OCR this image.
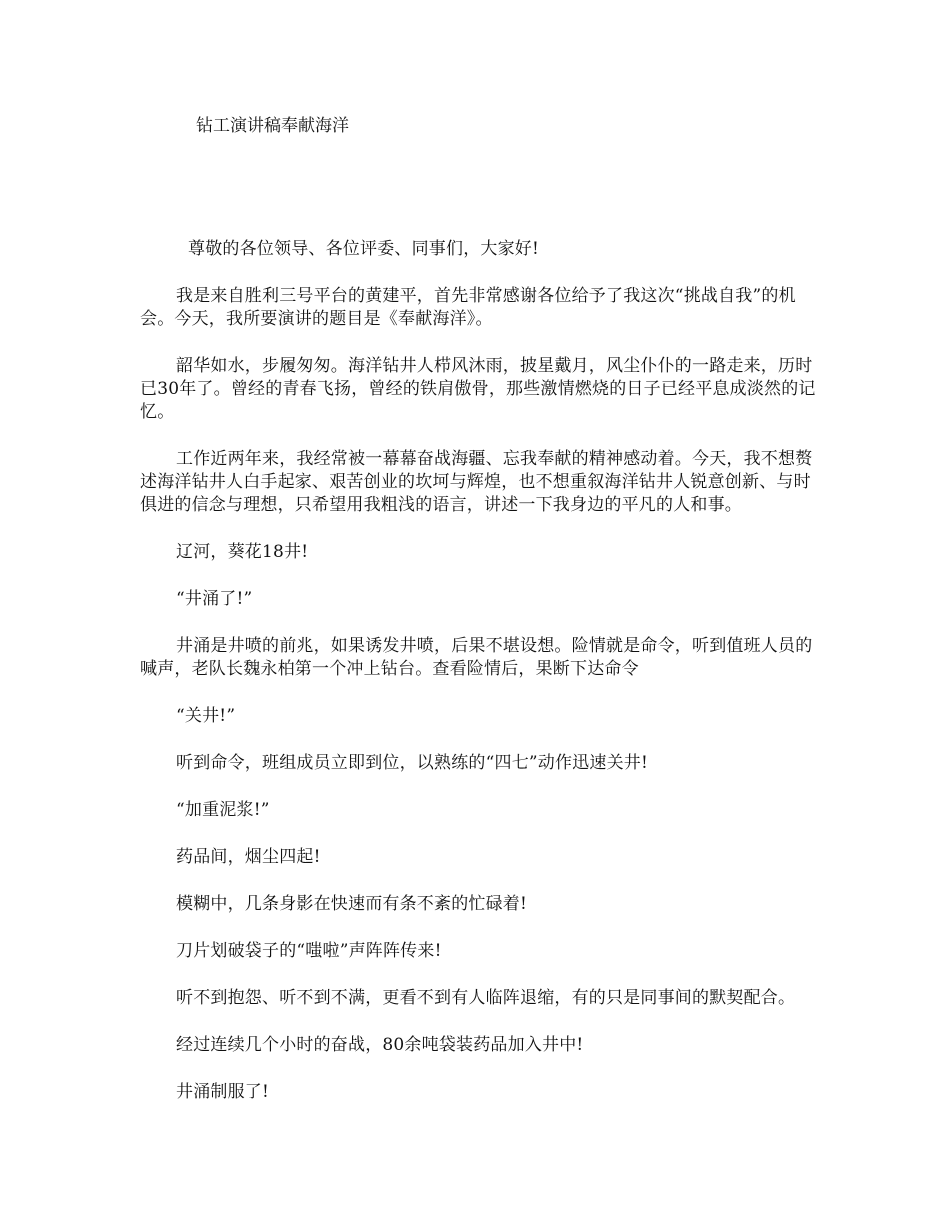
钻工演讲稿奉献海洋

尊敬的各位领导、各位评委、同事们，大家好!

我是来自胜利三号平台的黄建平，首先非常感谢各位给予了我这次“挑战自我”的机会。今天，我所要演讲的题目是《奉献海洋》。

韶华如水，步履匆匆。海洋钻井人栉风沐雨，披星戴月，风尘仆仆的一路走来，历时已30年了。曾经的青春飞扬，曾经的铁肩傲骨，那些激情燃烧的日子已经平息成淡然的记忆。

工作近两年来，我经常被一幕幕奋战海疆、忘我奉献的精神感动着。今天，我不想赘述海洋钻井人白手起家、艰苦创业的坎坷与辉煌，也不想重叙海洋钻井人锐意创新、与时俱进的信念与理想，只希望用我粗浅的语言，讲述一下我身边的平凡的人和事。

辽河，葵花18井!

“井涌了!”

井涌是井喷的前兆，如果诱发井喷，后果不堪设想。险情就是命令，听到值班人员的喊声，老队长魏永柏第一个冲上钻台。查看险情后，果断下达命令

“关井!”

听到命令，班组成员立即到位，以熟练的“四七”动作迅速关井!

“加重泥浆!”

药品间，烟尘四起!

模糊中，几条身影在快速而有条不紊的忙碌着!

刀片划破袋子的“嗤啦”声阵阵传来!

听不到抱怨、听不到不满，更看不到有人临阵退缩，有的只是同事间的默契配合。

经过连续几个小时的奋战，80余吨袋装药品加入井中!

井涌制服了!
